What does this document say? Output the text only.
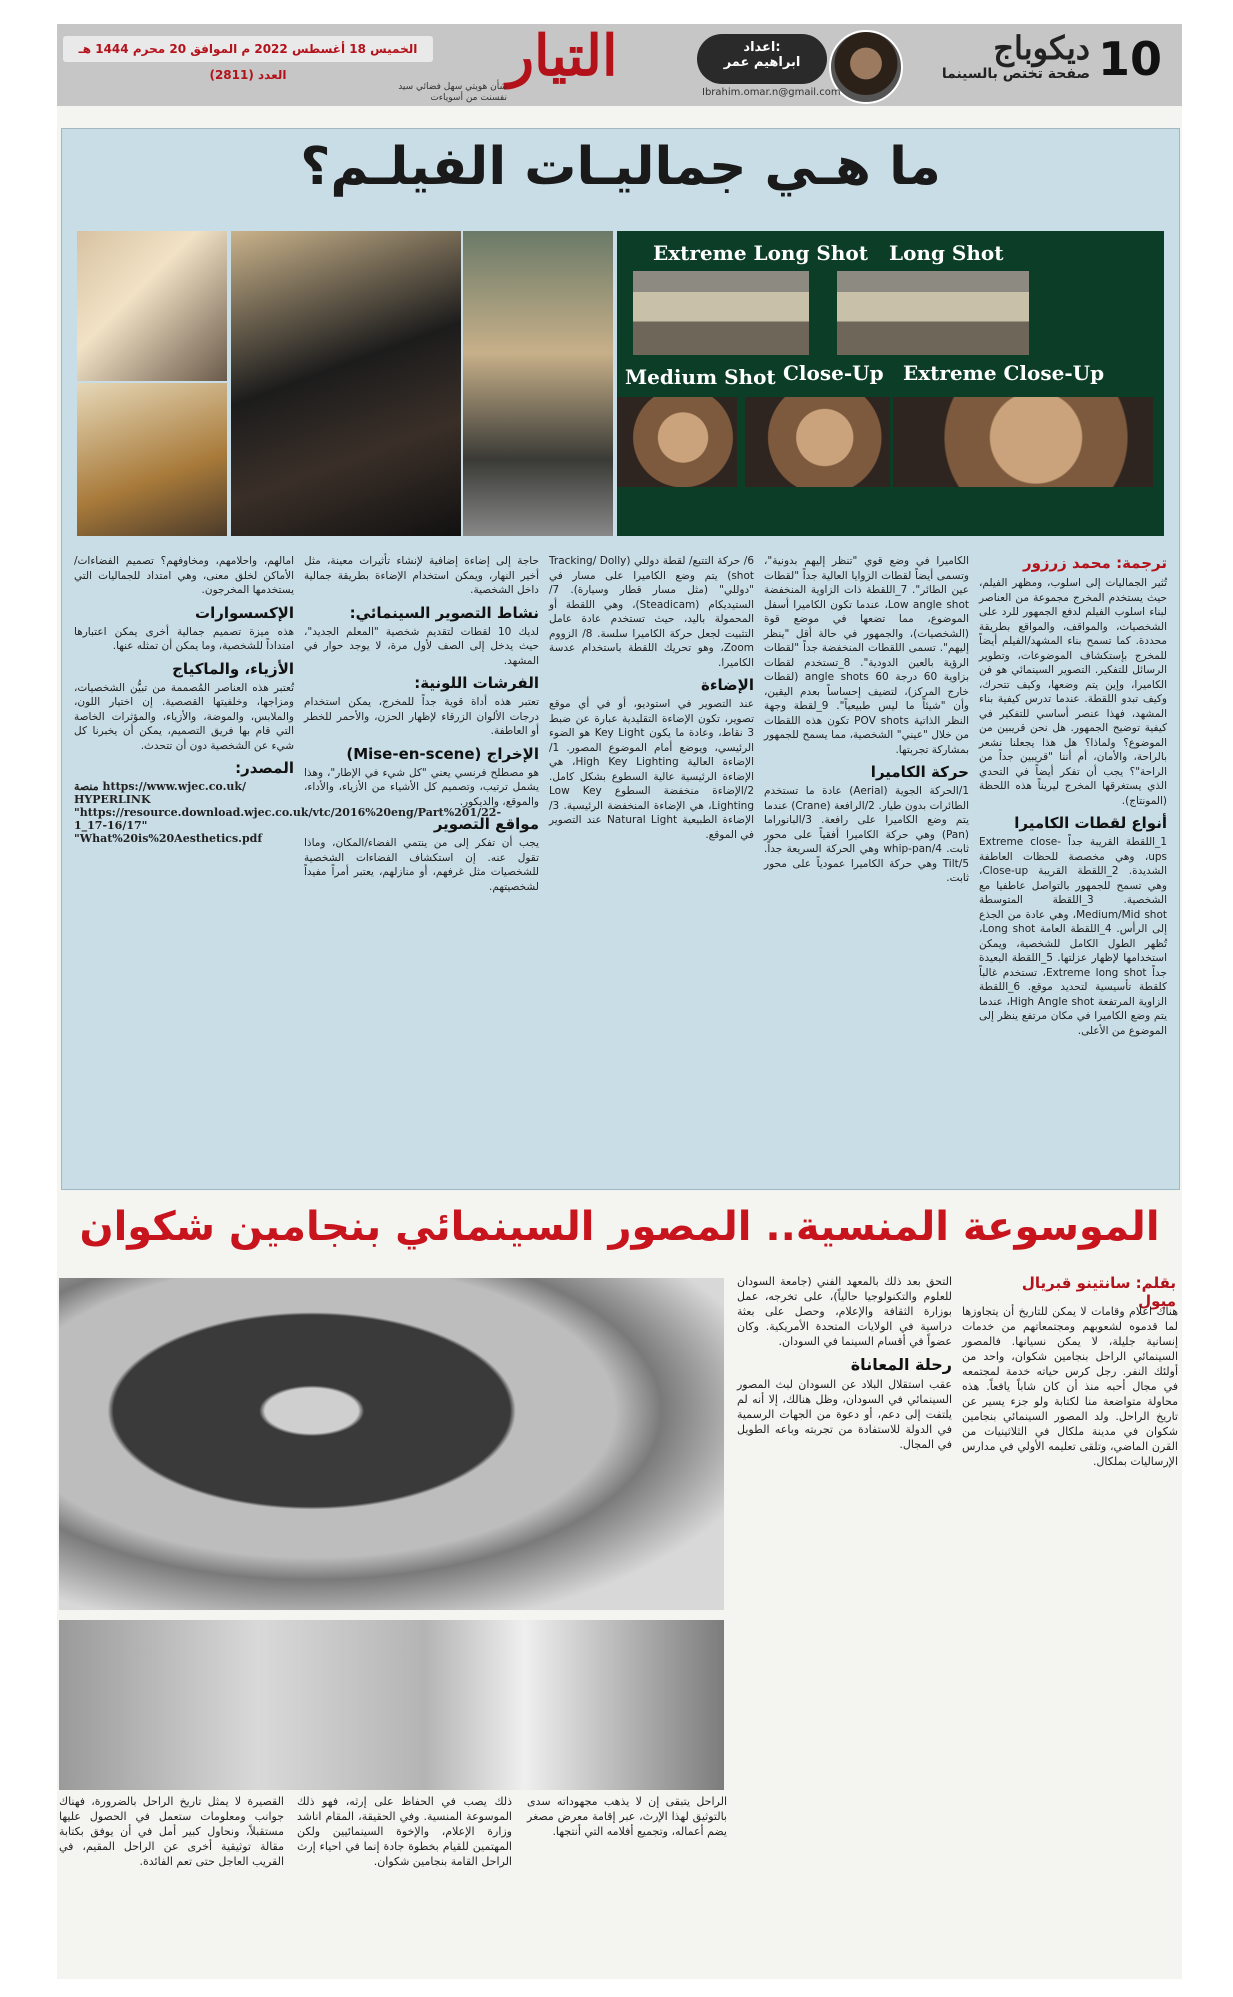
10
ديكوباج
صفحة تختص بالسينما
اعداد:
ابراهيم عمر
Ibrahim.omar.n@gmail.com
التيار
شأن هويتي سهل فضائي سيد نفسنت من أسوياءت
الخميس 18 أغسطس 2022 م الموافق 20 محرم 1444 هـ العدد (2811)
ما هـي جماليـات الفيلـم؟
Extreme Long Shot Long Shot
Medium Shot Close-Up Extreme Close-Up
ترجمة: محمد زرزور

تُثير الجماليات إلى اسلوب، ومظهر الفيلم، حيث يستخدم المخرج مجموعة من العناصر لبناء اسلوب الفيلم لدفع الجمهور للرد على الشخصيات، والمواقف، والمواقع بطريقة محددة. كما تسمح بناء المشهد/الفيلم أيضاً للمخرج بإستكشاف الموضوعات، وتطوير الرسائل للتفكير. التصوير السينمائي هو فن الكاميرا، وإين يتم وضعها، وكيف تتحرك، وكيف تبدو اللقطة. عندما تدرس كيفية بناء المشهد، فهذا عنصر أساسي للتفكير في كيفية توضيح الجمهور. هل نحن قريبين من الموضوع؟ ولماذا؟ هل هذا يجعلنا نشعر بالراحة، والأمان، أم أننا "قريبين جداً من الراحة"؟ يجب أن تفكر أيضاً في التحدي الذي يستغرقها المخرج ليريناً هذه اللحظة (المونتاج).

أنواع لقطات الكاميرا

1_اللقطة القريبة جداً Extreme close-ups، وهي مخصصة للحظات العاطفة الشديدة. 2_اللقطة القريبة Close-up، وهي تسمح للجمهور بالتواصل عاطفيا مع الشخصية. 3_اللقطة المتوسطة Medium/Mid shot، وهي عادة من الجذع إلى الرأس. 4_اللقطة العامة Long shot، تُظهر الطول الكامل للشخصية، ويمكن استخدامها لإظهار عزلتها. 5_اللقطة البعيدة جداً Extreme long shot، تستخدم غالباً كلقطة تأسيسية لتحديد موقع. 6_اللقطة الزاوية المرتفعة High Angle shot، عندما يتم وضع الكاميرا في مكان مرتفع ينظر إلى الموضوع من الأعلى.

الكاميرا في وضع قوي "تنظر إليهم بدونية"، وتسمى أيضاً لقطات الزوايا العالية جداً "لقطات عين الطائر". 7_اللقطة ذات الزاوية المنخفضة Low angle shot، عندما تكون الكاميرا أسفل الموضوع، مما تضعها في موضع قوة (الشخصيات)، والجمهور في حالة أقل "ينظر إليهم". تسمى اللقطات المنخفضة جداً "لقطات الرؤية بالعين الدودية". 8_تستخدم لقطات بزاوية 60 درجة 60 angle shots (لقطات خارج المركز)، لتضيف إحساساً بعدم اليقين، وأن "شيئاً ما ليس طبيعياً". 9_لقطة وجهة النظر الذاتية POV shots تكون هذه اللقطات من خلال "عيني" الشخصية، مما يسمح للجمهور بمشاركة تجربتها.

حركة الكاميرا

1/الحركة الجوية (Aerial) عادة ما تستخدم الطائرات بدون طيار. 2/الرافعة (Crane) عندما يتم وضع الكاميرا على رافعة. 3/البانوراما (Pan) وهي حركة الكاميرا أفقياً على محور ثابت. 4/whip-pan وهي الحركة السريعة جداً. 5/Tilt وهي حركة الكاميرا عمودياً على محور ثابت.

6/ حركة التتبع/ لقطة دوللي (Tracking/ Dolly shot) يتم وضع الكاميرا على مسار في "دوللي" (مثل مسار قطار وسيارة). 7/ الستيديكام (Steadicam)، وهي اللقطة أو المحمولة باليد، حيث تستخدم عادة عامل التثبيت لجعل حركة الكاميرا سلسة. 8/ الزووم Zoom، وهو تحريك اللقطة باستخدام عدسة الكاميرا.

الإضاءة

عند التصوير في استوديو، أو في أي موقع تصوير، تكون الإضاءة التقليدية عبارة عن ضبط 3 نقاط، وعادة ما يكون Key Light هو الضوء الرئيسي، ويوضع أمام الموضوع المصور. 1/الإضاءة العالية High Key Lighting، هي الإضاءة الرئيسية عالية السطوع بشكل كامل. 2/الإضاءة منخفضة السطوع Low Key Lighting، هي الإضاءة المنخفضة الرئيسية. 3/الإضاءة الطبيعية Natural Light عند التصوير في الموقع.

حاجة إلى إضاءة إضافية لإنشاء تأثيرات معينة، مثل أخير النهار، ويمكن استخدام الإضاءة بطريقة جمالية داخل الشخصية.

نشاط التصوير السينمائي:

لديك 10 لقطات لتقديم شخصية "المعلم الجديد"، حيث يدخل إلى الصف لأول مرة، لا يوجد حوار في المشهد.

الفرشات اللونية:

تعتبر هذه أداة قوية جداً للمخرج، يمكن استخدام درجات الألوان الزرقاء لإظهار الحزن، والأحمر للخطر أو العاطفة.

الإخراج (Mise-en-scene)

هو مصطلح فرنسي يعني "كل شيء في الإطار"، وهذا يشمل ترتيب، وتصميم كل الأشياء من الأزياء، والأداء، والموقع، والديكور.

مواقع التصوير

يجب أن تفكر إلى من ينتمي الفضاء/المكان، وماذا تقول عنه. إن استكشاف الفضاءات الشخصية للشخصيات مثل غرفهم، أو منازلهم، يعتبر أمراً مفيداً لشخصيتهم.

امالهم، واحلامهم، ومخاوفهم؟ تصميم الفضاءات/الأماكن لخلق معنى، وهي امتداد للجماليات التي يستخدمها المخرجون.

الإكسسوارات

هذه ميزة تصميم جمالية أخرى يمكن اعتبارها امتداداً للشخصية، وما يمكن أن تمثله عنها.

الأزياء، والماكياج

تُعتبر هذه العناصر المُصممة من تبيُّن الشخصيات، ومزاجها، وخلفيتها القصصية. إن اختيار اللون، والملابس، والموضة، والأزياء، والمؤثرات الخاصة التي قام بها فريق التصميم، يمكن أن يخبرنا كل شيء عن الشخصية دون أن تتحدث.

المصدر:

منصة https://www.wjec.co.uk/ HYPERLINK "https://resource.download.wjec.co.uk/vtc/2016%20eng/Part%201/22-1_17-16/17" "What%20is%20Aesthetics.pdf

الموسوعة المنسية.. المصور السينمائي بنجامين شكوان
بقلم: سانتينو قبريال ميول

هناك اعلام وقامات لا يمكن للتاريخ أن يتجاوزها لما قدموه لشعوبهم ومجتمعاتهم من خدمات إنسانية جليلة، لا يمكن نسيانها. فالمصور السينمائي الراحل بنجامين شكوان، واحد من أولئك النفر. رجل كرس حياته خدمة لمجتمعه في مجال أحبه منذ أن كان شاباً يافعاً. هذه محاولة متواضعة منا لكتابة ولو جزء يسير عن تاريخ الراحل. ولد المصور السينمائي بنجامين شكوان في مدينة ملكال في الثلاثينيات من القرن الماضي، وتلقى تعليمه الأولي في مدارس الإرساليات بملكال.

التحق بعد ذلك بالمعهد الفني (جامعة السودان للعلوم والتكنولوجيا حالياً)، على تخرجه، عمل بوزارة الثقافة والإعلام، وحصل على بعثة دراسية في الولايات المتحدة الأمريكية. وكان عضواً في أقسام السينما في السودان.

رحلة المعاناة

عقب استقلال البلاد عن السودان لبث المصور السينمائي في السودان، وظل هنالك، إلا أنه لم يلتفت إلى دعم، أو دعوة من الجهات الرسمية في الدولة للاستفادة من تجربته وباعه الطويل في المجال.

الراحل يتبقى إن لا يذهب مجهوداته سدى بالتوثيق لهذا الإرث، عبر إقامة معرض مصغر يضم أعماله، وتجميع أفلامه التي أنتجها.
ذلك يصب في الحفاظ على إرثه، فهو ذلك الموسوعة المنسية. وفي الحقيقة، المقام اناشد وزارة الإعلام، والإخوة السينمائيين ولكن المهتمين للقيام بخطوة جادة إنما في احياء إرث الراحل القامة بنجامين شكوان.
القصيرة لا يمثل تاريخ الراحل بالضرورة، فهناك جوانب ومعلومات ستعمل في الحصول عليها مستقبلاً، ونحاول كبير أمل في أن يوفق بكتابة مقالة توثيقية أخرى عن الراحل المقيم، في القريب العاجل حتى تعم الفائدة.
